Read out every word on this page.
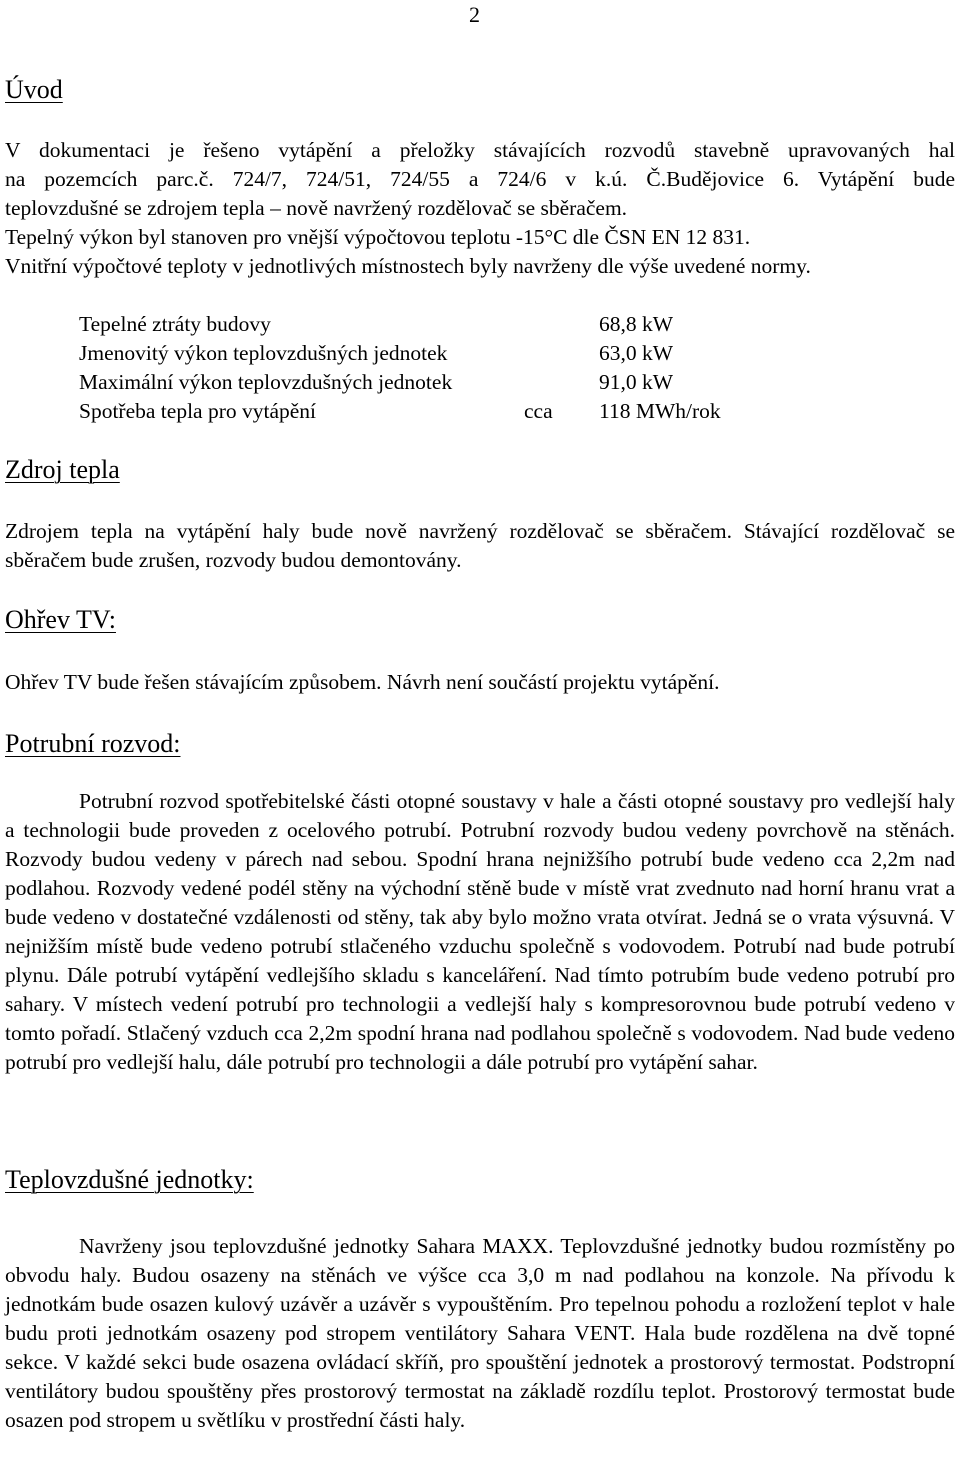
2
Úvod
V dokumentaci je řešeno vytápění a přeložky stávajících rozvodů stavebně upravovaných hal
na pozemcích parc.č. 724/7, 724/51, 724/55 a 724/6 v k.ú. Č.Budějovice 6. Vytápění bude
teplovzdušné se zdrojem tepla – nově navržený rozdělovač se sběračem.
Tepelný výkon byl stanoven pro vnější výpočtovou teplotu -15°C dle ČSN EN 12 831.
Vnitřní výpočtové teploty v jednotlivých místnostech byly navrženy dle výše uvedené normy.
Tepelné ztráty budovy	68,8 kW
Jmenovitý výkon teplovzdušných jednotek	63,0 kW
Maximální výkon teplovzdušných jednotek	91,0 kW
Spotřeba tepla pro vytápění	cca 118 MWh/rok
Zdroj tepla

Zdrojem tepla na vytápění haly bude nově navržený rozdělovač se sběračem. Stávající rozdělovač se sběračem bude zrušen, rozvody budou demontovány.

Ohřev TV:

Ohřev TV bude řešen stávajícím způsobem. Návrh není součástí projektu vytápění.

Potrubní rozvod:

Potrubní rozvod spotřebitelské části otopné soustavy v hale a části otopné soustavy pro vedlejší haly a technologii bude proveden z ocelového potrubí. Potrubní rozvody budou vedeny povrchově na stěnách. Rozvody budou vedeny v párech nad sebou. Spodní hrana nejnižšího potrubí bude vedeno cca 2,2m nad podlahou. Rozvody vedené podél stěny na východní stěně bude v místě vrat zvednuto nad horní hranu vrat a bude vedeno v dostatečné vzdálenosti od stěny, tak aby bylo možno vrata otvírat. Jedná se o vrata výsuvná. V nejnižším místě bude vedeno potrubí stlačeného vzduchu společně s vodovodem. Potrubí nad bude potrubí plynu. Dále potrubí vytápění vedlejšího skladu s kanceláření. Nad tímto potrubím bude vedeno potrubí pro sahary. V místech vedení potrubí pro technologii a vedlejší haly s kompresorovnou bude potrubí vedeno v tomto pořadí. Stlačený vzduch cca 2,2m spodní hrana nad podlahou společně s vodovodem. Nad bude vedeno potrubí pro vedlejší halu, dále potrubí pro technologii a dále potrubí pro vytápění sahar.

Teplovzdušné jednotky:

Navrženy jsou teplovzdušné jednotky Sahara MAXX. Teplovzdušné jednotky budou rozmístěny po obvodu haly. Budou osazeny na stěnách ve výšce cca 3,0 m nad podlahou na konzole. Na přívodu k jednotkám bude osazen kulový uzávěr a uzávěr s vypouštěním. Pro tepelnou pohodu a rozložení teplot v hale budu proti jednotkám osazeny pod stropem ventilátory Sahara VENT. Hala bude rozdělena na dvě topné sekce. V každé sekci bude osazena ovládací skříň, pro spouštění jednotek a prostorový termostat. Podstropní ventilátory budou spouštěny přes prostorový termostat na základě rozdílu teplot. Prostorový termostat bude osazen pod stropem u světlíku v prostřední části haly.
